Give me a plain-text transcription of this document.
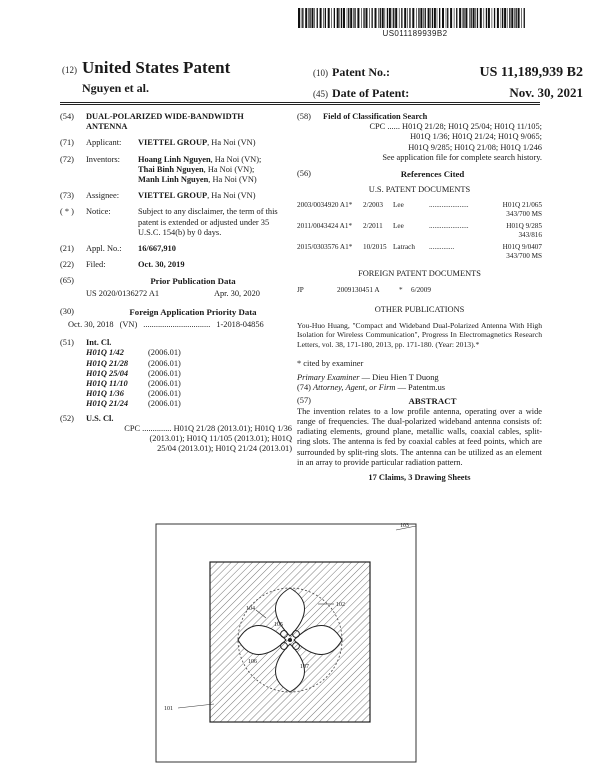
US011189939B2
(12) United States Patent
Nguyen et al.
(10) Patent No.:	US 11,189,939 B2
(45) Date of Patent:	Nov. 30, 2021
(54)	DUAL-POLARIZED WIDE-BANDWIDTH ANTENNA
(71)	Applicant:	VIETTEL GROUP, Ha Noi (VN)
(72)	Inventors:	Hoang Linh Nguyen, Ha Noi (VN);
Thai Binh Nguyen, Ha Noi (VN);
Manh Linh Nguyen, Ha Noi (VN)
(73)	Assignee:	VIETTEL GROUP, Ha Noi (VN)
( * )	Notice:	Subject to any disclaimer, the term of this patent is extended or adjusted under 35 U.S.C. 154(b) by 0 days.
(21)	Appl. No.:	16/667,910
(22)	Filed:	Oct. 30, 2019
(65)	Prior Publication Data
US 2020/0136272 A1	Apr. 30, 2020
(30)	Foreign Application Priority Data
Oct. 30, 2018 (VN) ................................ 1-2018-04856
(51)	Int. Cl.
H01Q 1/42	(2006.01)
H01Q 21/28	(2006.01)
H01Q 25/04	(2006.01)
H01Q 11/10	(2006.01)
H01Q 1/36	(2006.01)
H01Q 21/24	(2006.01)
(52)	U.S. Cl.
CPC .............. H01Q 21/28 (2013.01); H01Q 1/36
(2013.01); H01Q 11/105 (2013.01); H01Q
25/04 (2013.01); H01Q 21/24 (2013.01)
(58)	Field of Classification Search
CPC ...... H01Q 21/28; H01Q 25/04; H01Q 11/105;
H01Q 1/36; H01Q 21/24; H01Q 9/065;
H01Q 9/285; H01Q 21/08; H01Q 1/246
See application file for complete search history.
(56)	References Cited
U.S. PATENT DOCUMENTS
2003/0034920 A1*	2/2003	Lee	......................	H01Q 21/065
343/700 MS
2011/0043424 A1*	2/2011	Lee	......................	H01Q 9/285
343/816
2015/0303576 A1*	10/2015 Latrach	..............	H01Q 9/0407
343/700 MS
FOREIGN PATENT DOCUMENTS
JP	2009130451 A	*	6/2009
OTHER PUBLICATIONS
You-Huo Huang, "Compact and Wideband Dual-Polarized Antenna With High Isolation for Wireless Communication", Progress In Electromagnetics Research Letters, vol. 38, 171-180, 2013, pp. 171-180. (Year: 2013).*
* cited by examiner
Primary Examiner — Dieu Hien T Duong
(74) Attorney, Agent, or Firm — Patentm.us
(57)	ABSTRACT
The invention relates to a low profile antenna, operating over a wide range of frequencies. The dual-polarized wideband antenna consists of: radiating elements, ground plane, metallic walls, coaxial cables, split-ring slots. The antenna is fed by coaxial cables at feed points, which are surrounded by split-ring slots. The antenna can be utilized as an element in an array to provide particular radiation pattern.
17 Claims, 3 Drawing Sheets
103
101
102
104
106
107
105
